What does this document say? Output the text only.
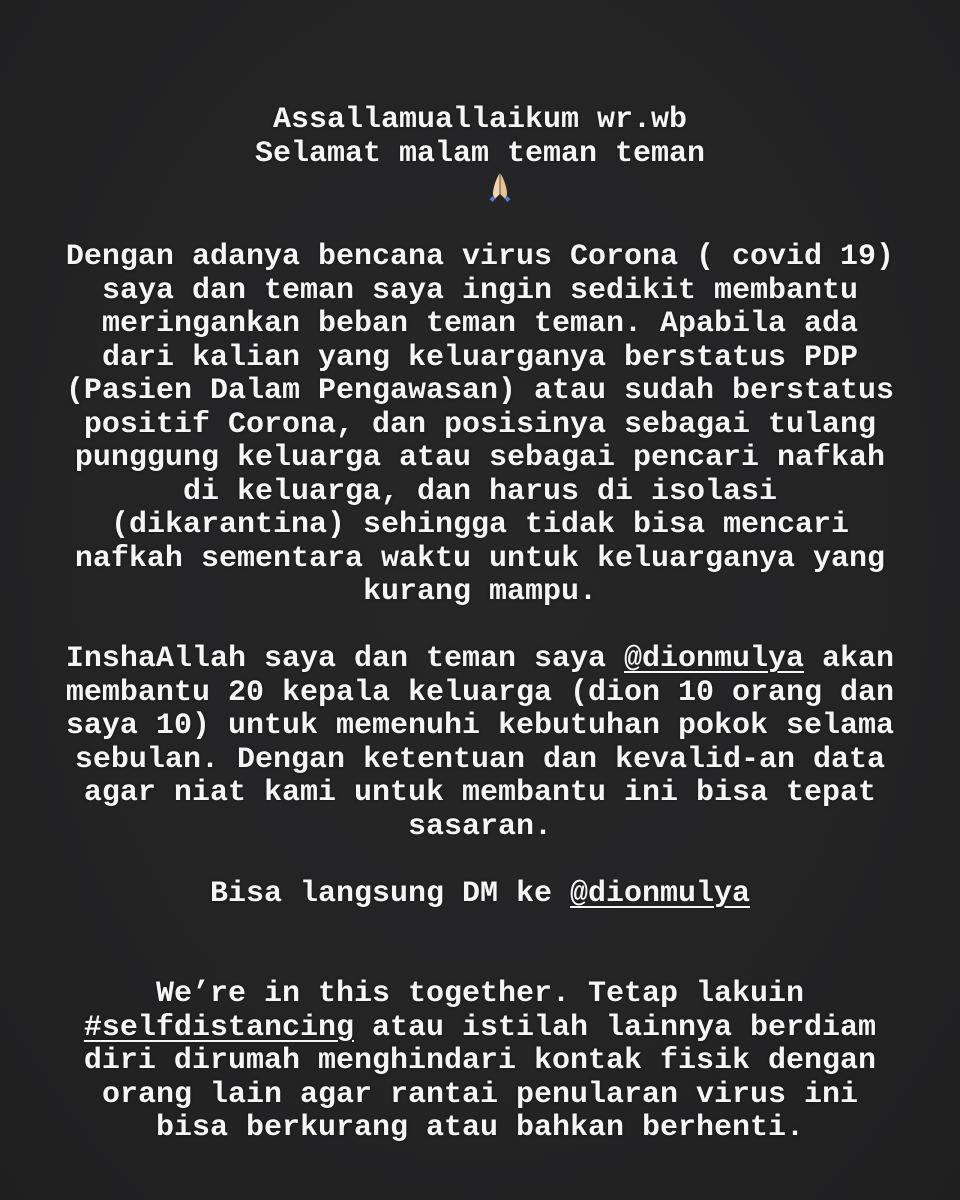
Assallamuallaikum wr.wb
Selamat malam teman teman

Dengan adanya bencana virus Corona ( covid 19)
saya dan teman saya ingin sedikit membantu
meringankan beban teman teman. Apabila ada
dari kalian yang keluarganya berstatus PDP
(Pasien Dalam Pengawasan) atau sudah berstatus
positif Corona, dan posisinya sebagai tulang
punggung keluarga atau sebagai pencari nafkah
di keluarga, dan harus di isolasi
(dikarantina) sehingga tidak bisa mencari
nafkah sementara waktu untuk keluarganya yang
kurang mampu.
InshaAllah saya dan teman saya @dionmulya akan
membantu 20 kepala keluarga (dion 10 orang dan
saya 10) untuk memenuhi kebutuhan pokok selama
sebulan. Dengan ketentuan dan kevalid-an data
agar niat kami untuk membantu ini bisa tepat
sasaran.
Bisa langsung DM ke @dionmulya
We’re in this together. Tetap lakuin
#selfdistancing atau istilah lainnya berdiam
diri dirumah menghindari kontak fisik dengan
orang lain agar rantai penularan virus ini
bisa berkurang atau bahkan berhenti.
